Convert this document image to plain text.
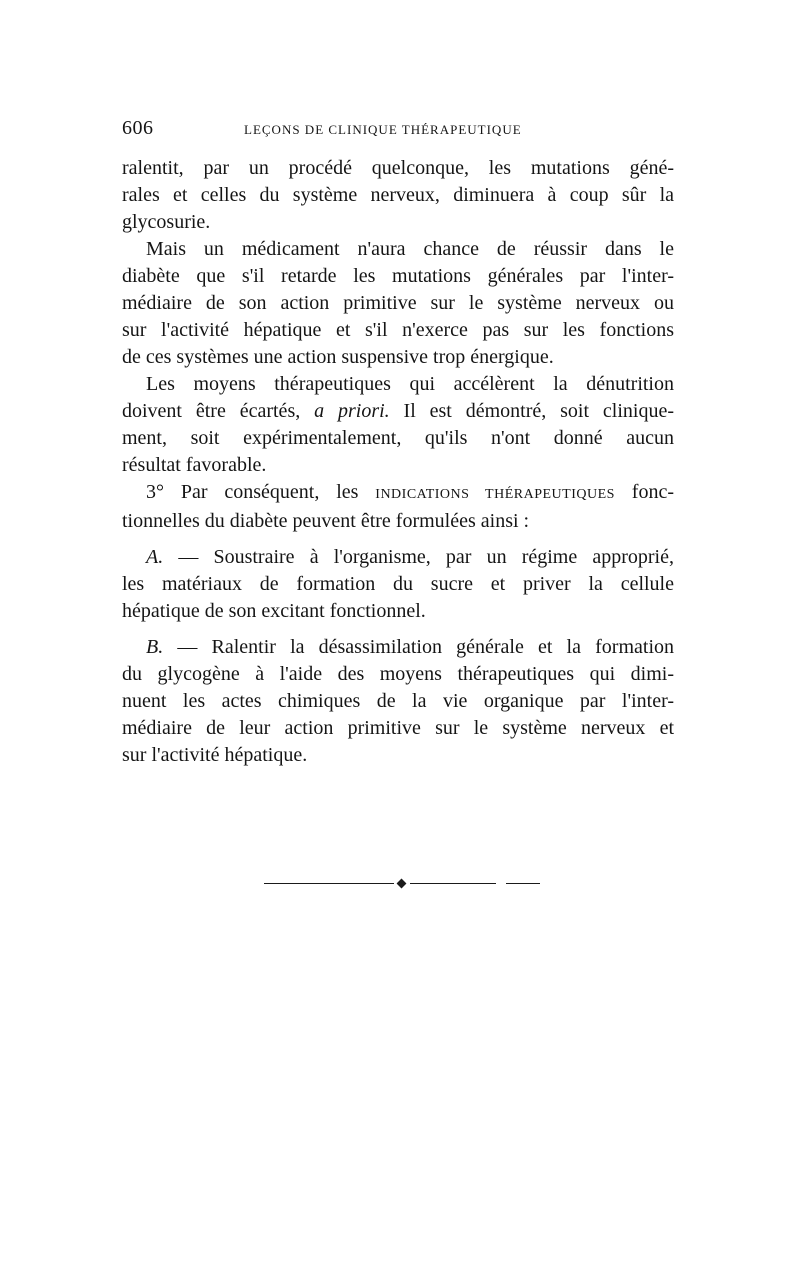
606	LEÇONS DE CLINIQUE THÉRAPEUTIQUE
ralentit, par un procédé quelconque, les mutations géné-
rales et celles du système nerveux, diminuera à coup sûr la
glycosurie.
Mais un médicament n'aura chance de réussir dans le
diabète que s'il retarde les mutations générales par l'inter-
médiaire de son action primitive sur le système nerveux ou
sur l'activité hépatique et s'il n'exerce pas sur les fonctions
de ces systèmes une action suspensive trop énergique.
Les moyens thérapeutiques qui accélèrent la dénutrition
doivent être écartés, a priori. Il est démontré, soit clinique-
ment, soit expérimentalement, qu'ils n'ont donné aucun
résultat favorable.
3° Par conséquent, les INDICATIONS THÉRAPEUTIQUES fonc-
tionnelles du diabète peuvent être formulées ainsi :
A. — Soustraire à l'organisme, par un régime approprié,
les matériaux de formation du sucre et priver la cellule
hépatique de son excitant fonctionnel.
B. — Ralentir la désassimilation générale et la formation
du glycogène à l'aide des moyens thérapeutiques qui dimi-
nuent les actes chimiques de la vie organique par l'inter-
médiaire de leur action primitive sur le système nerveux et
sur l'activité hépatique.
